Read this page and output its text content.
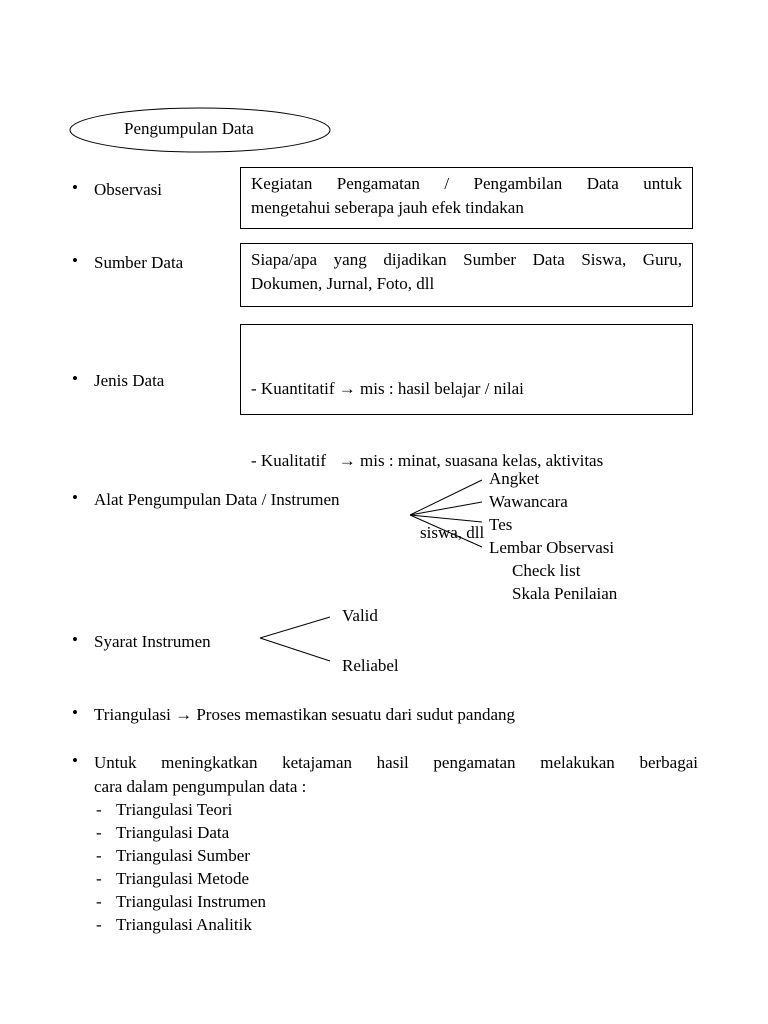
Pengumpulan Data
• Observasi	Kegiatan Pengamatan / Pengambilan Data untuk
mengetahui seberapa jauh efek tindakan
• Sumber Data	Siapa/apa yang dijadikan Sumber Data Siswa, Guru,
Dokumen, Jurnal, Foto, dll
• Jenis Data

	- Kuantitatif → mis : hasil belajar / nilai

- Kualitatif   → mis : minat, suasana kelas, aktivitas

siswa, dll

• Alat Pengumpulan Data / Instrumen
Angket
Wawancara
Tes
Lembar Observasi
Check list
Skala Penilaian
Valid
• Syarat Instrumen
Reliabel
• Triangulasi → Proses memastikan sesuatu dari sudut pandang
• Untuk meningkatkan ketajaman hasil pengamatan melakukan berbagai
cara dalam pengumpulan data :
- Triangulasi Teori
- Triangulasi Data
- Triangulasi Sumber
- Triangulasi Metode
- Triangulasi Instrumen
- Triangulasi Analitik
